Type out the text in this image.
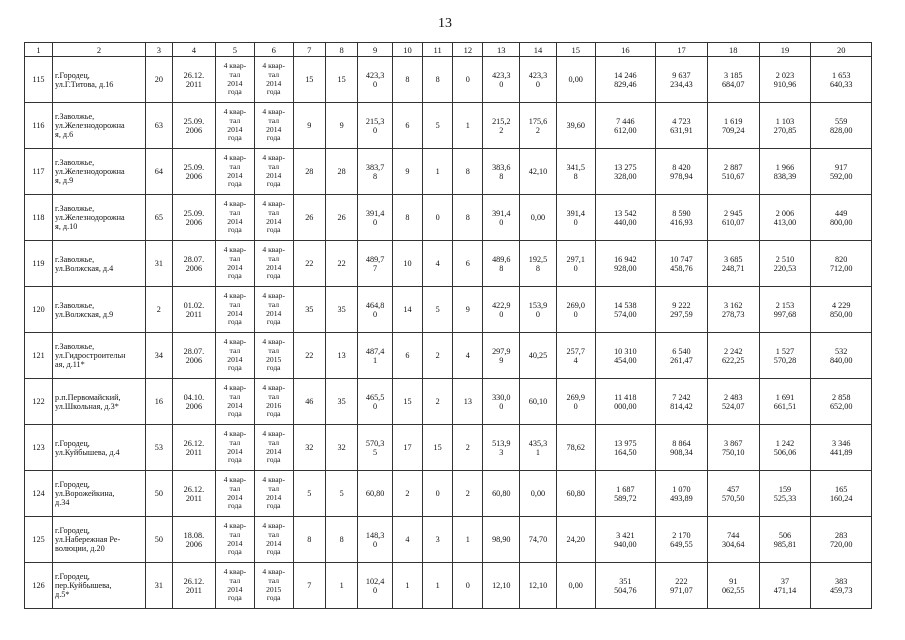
13
1	2	3	4	5	6	7	8	9	10	11	12	13	14	15	16	17	18	19	20
115	г.Городец,
ул.Г.Титова, д.16	20	26.12.
2011	4 квар-
тал
2014
года	4 квар-
тал
2014
года	15	15	423,3
0	8	8	0	423,3
0	423,3
0	0,00	14 246
829,46	9 637
234,43	3 185
684,07	2 023
910,96	1 653
640,33
116	г.Заволжье,
ул.Железнодорожна
я, д.6	63	25.09.
2006	4 квар-
тал
2014
года	4 квар-
тал
2014
года	9	9	215,3
0	6	5	1	215,2
2	175,6
2	39,60	7 446
612,00	4 723
631,91	1 619
709,24	1 103
270,85	559
828,00
117	г.Заволжье,
ул.Железнодорожна
я, д.9	64	25.09.
2006	4 квар-
тал
2014
года	4 квар-
тал
2014
года	28	28	383,7
8	9	1	8	383,6
8	42,10	341,5
8	13 275
328,00	8 420
978,94	2 887
510,67	1 966
838,39	917
592,00
118	г.Заволжье,
ул.Железнодорожна
я, д.10	65	25.09.
2006	4 квар-
тал
2014
года	4 квар-
тал
2014
года	26	26	391,4
0	8	0	8	391,4
0	0,00	391,4
0	13 542
440,00	8 590
416,93	2 945
610,07	2 006
413,00	449
800,00
119	г.Заволжье,
ул.Волжская, д.4	31	28.07.
2006	4 квар-
тал
2014
года	4 квар-
тал
2014
года	22	22	489,7
7	10	4	6	489,6
8	192,5
8	297,1
0	16 942
928,00	10 747
458,76	3 685
248,71	2 510
220,53	820
712,00
120	г.Заволжье,
ул.Волжская, д.9	2	01.02.
2011	4 квар-
тал
2014
года	4 квар-
тал
2014
года	35	35	464,8
0	14	5	9	422,9
0	153,9
0	269,0
0	14 538
574,00	9 222
297,59	3 162
278,73	2 153
997,68	4 229
850,00
121	г.Заволжье,
ул.Гидростроительн
ая, д.11*	34	28.07.
2006	4 квар-
тал
2014
года	4 квар-
тал
2015
года	22	13	487,4
1	6	2	4	297,9
9	40,25	257,7
4	10 310
454,00	6 540
261,47	2 242
622,25	1 527
570,28	532
840,00
122	р.п.Первомайский,
ул.Школьная, д.3*	16	04.10.
2006	4 квар-
тал
2014
года	4 квар-
тал
2016
года	46	35	465,5
0	15	2	13	330,0
0	60,10	269,9
0	11 418
000,00	7 242
814,42	2 483
524,07	1 691
661,51	2 858
652,00
123	г.Городец,
ул.Куйбышева, д.4	53	26.12.
2011	4 квар-
тал
2014
года	4 квар-
тал
2014
года	32	32	570,3
5	17	15	2	513,9
3	435,3
1	78,62	13 975
164,50	8 864
908,34	3 867
750,10	1 242
506,06	3 346
441,89
124	г.Городец,
ул.Ворожейкина,
д.34	50	26.12.
2011	4 квар-
тал
2014
года	4 квар-
тал
2014
года	5	5	60,80	2	0	2	60,80	0,00	60,80	1 687
589,72	1 070
493,89	457
570,50	159
525,33	165
160,24
125	г.Городец,
ул.Набережная Ре-
волюции, д.20	50	18.08.
2006	4 квар-
тал
2014
года	4 квар-
тал
2014
года	8	8	148,3
0	4	3	1	98,90	74,70	24,20	3 421
940,00	2 170
649,55	744
304,64	506
985,81	283
720,00
126	г.Городец,
пер.Куйбышева,
д.5*	31	26.12.
2011	4 квар-
тал
2014
года	4 квар-
тал
2015
года	7	1	102,4
0	1	1	0	12,10	12,10	0,00	351
504,76	222
971,07	91
062,55	37
471,14	383
459,73
